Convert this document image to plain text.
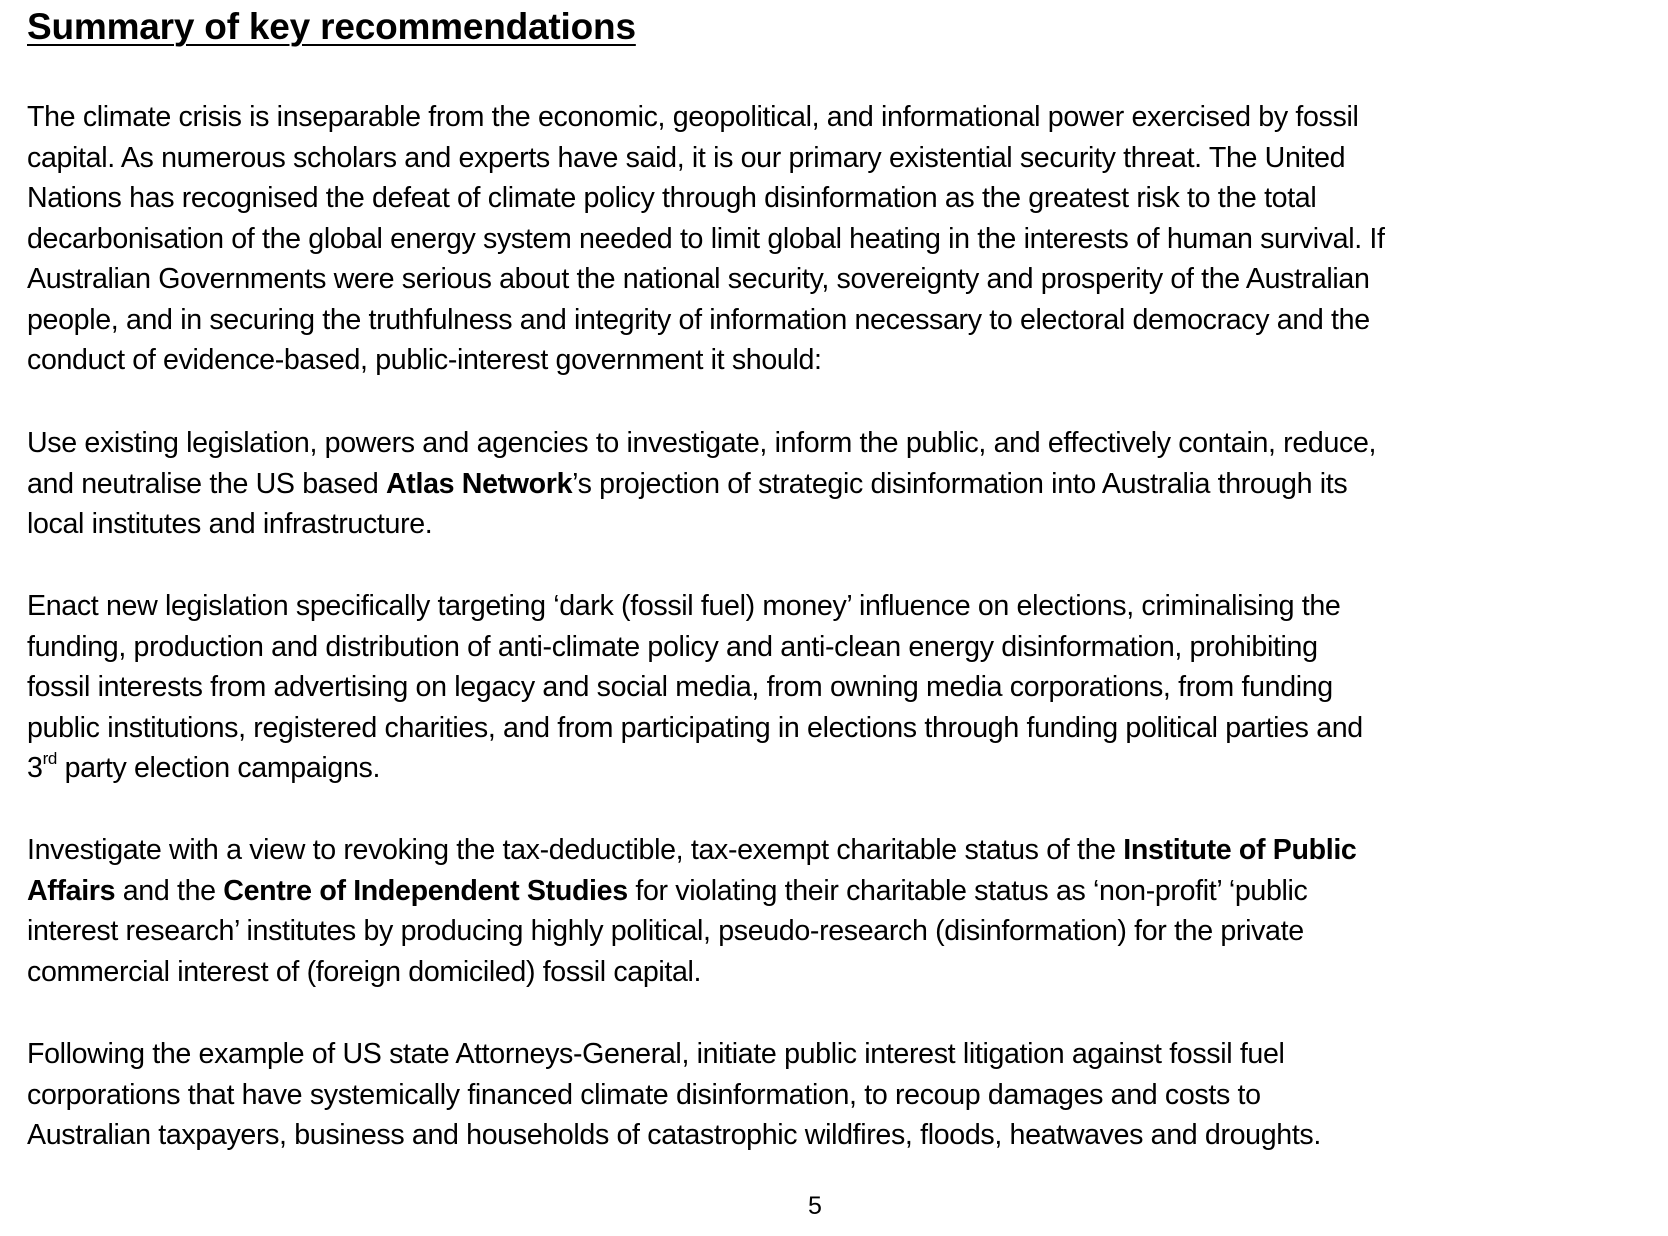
Summary of key recommendations

The climate crisis is inseparable from the economic, geopolitical, and informational power exercised by fossil
capital. As numerous scholars and experts have said, it is our primary existential security threat. The United
Nations has recognised the defeat of climate policy through disinformation as the greatest risk to the total
decarbonisation of the global energy system needed to limit global heating in the interests of human survival. If
Australian Governments were serious about the national security, sovereignty and prosperity of the Australian
people, and in securing the truthfulness and integrity of information necessary to electoral democracy and the
conduct of evidence-based, public-interest government it should:

Use existing legislation, powers and agencies to investigate, inform the public, and effectively contain, reduce,
and neutralise the US based Atlas Network’s projection of strategic disinformation into Australia through its
local institutes and infrastructure.

Enact new legislation specifically targeting ‘dark (fossil fuel) money’ influence on elections, criminalising the
funding, production and distribution of anti-climate policy and anti-clean energy disinformation, prohibiting
fossil interests from advertising on legacy and social media, from owning media corporations, from funding
public institutions, registered charities, and from participating in elections through funding political parties and
3rd party election campaigns.

Investigate with a view to revoking the tax-deductible, tax-exempt charitable status of the Institute of Public
Affairs and the Centre of Independent Studies for violating their charitable status as ‘non-profit’ ‘public
interest research’ institutes by producing highly political, pseudo-research (disinformation) for the private
commercial interest of (foreign domiciled) fossil capital.

Following the example of US state Attorneys-General, initiate public interest litigation against fossil fuel
corporations that have systemically financed climate disinformation, to recoup damages and costs to
Australian taxpayers, business and households of catastrophic wildfires, floods, heatwaves and droughts.

5
